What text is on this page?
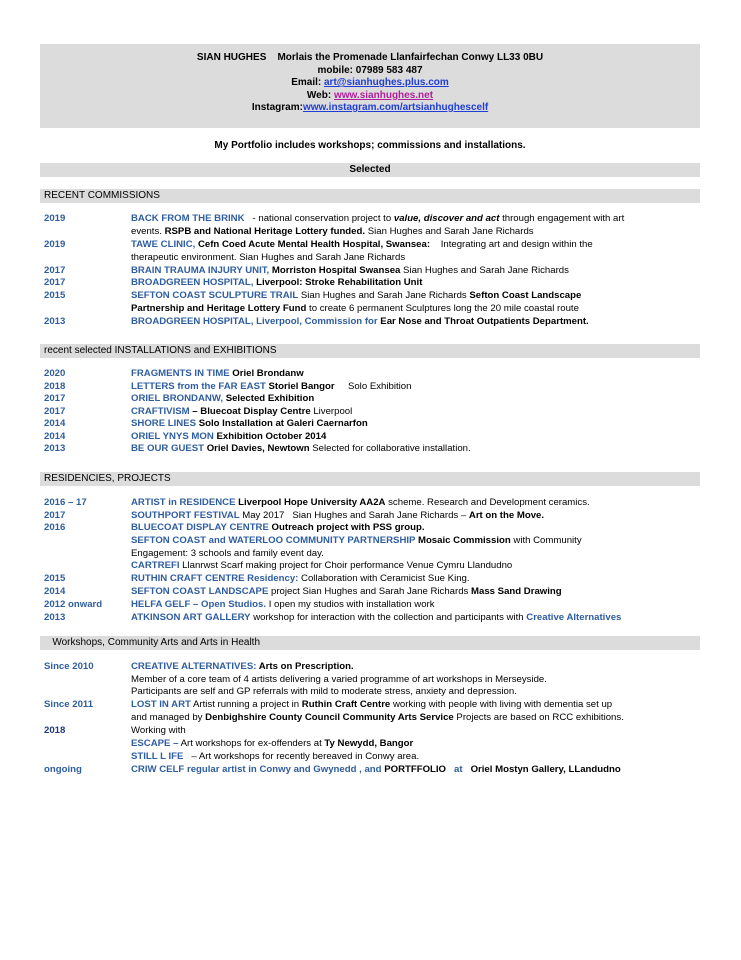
SIAN HUGHES    Morlais the Promenade Llanfairfechan Conwy LL33 0BU
mobile: 07989 583 487
Email: art@sianhughes.plus.com
Web: www.sianhughes.net
Instagram:www.instagram.com/artsianhughescelf
My Portfolio includes workshops; commissions and installations.
Selected
RECENT COMMISSIONS
2019	BACK FROM THE BRINK   - national conservation project to value, discover and act through engagement with art
events. RSPB and National Heritage Lottery funded. Sian Hughes and Sarah Jane Richards
2019	TAWE CLINIC, Cefn Coed Acute Mental Health Hospital, Swansea:    Integrating art and design within the
therapeutic environment. Sian Hughes and Sarah Jane Richards
2017	BRAIN TRAUMA INJURY UNIT, Morriston Hospital Swansea Sian Hughes and Sarah Jane Richards
2017	BROADGREEN HOSPITAL, Liverpool: Stroke Rehabilitation Unit
2015	SEFTON COAST SCULPTURE TRAIL Sian Hughes and Sarah Jane Richards Sefton Coast Landscape
Partnership and Heritage Lottery Fund to create 6 permanent Sculptures long the 20 mile coastal route
2013	BROADGREEN HOSPITAL, Liverpool, Commission for Ear Nose and Throat Outpatients Department.
recent selected INSTALLATIONS and EXHIBITIONS
2020	FRAGMENTS IN TIME Oriel Brondanw
2018	LETTERS from the FAR EAST Storiel Bangor     Solo Exhibition
2017	ORIEL BRONDANW, Selected Exhibition
2017	CRAFTIVISM – Bluecoat Display Centre Liverpool
2014	SHORE LINES Solo Installation at Galeri Caernarfon
2014	ORIEL YNYS MON Exhibition October 2014
2013	BE OUR GUEST Oriel Davies, Newtown Selected for collaborative installation.
RESIDENCIES, PROJECTS
2016 – 17	ARTIST in RESIDENCE Liverpool Hope University AA2A scheme. Research and Development ceramics.
2017	SOUTHPORT FESTIVAL May 2017   Sian Hughes and Sarah Jane Richards – Art on the Move.
2016	BLUECOAT DISPLAY CENTRE Outreach project with PSS group.
SEFTON COAST and WATERLOO COMMUNITY PARTNERSHIP Mosaic Commission with Community
Engagement: 3 schools and family event day.
CARTREFI Llanrwst Scarf making project for Choir performance Venue Cymru Llandudno
2015	RUTHIN CRAFT CENTRE Residency: Collaboration with Ceramicist Sue King.
2014	SEFTON COAST LANDSCAPE project Sian Hughes and Sarah Jane Richards Mass Sand Drawing
2012 onward	HELFA GELF – Open Studios. I open my studios with installation work
2013	ATKINSON ART GALLERY workshop for interaction with the collection and participants with Creative Alternatives
Workshops, Community Arts and Arts in Health
Since 2010	CREATIVE ALTERNATIVES: Arts on Prescription.
Member of a core team of 4 artists delivering a varied programme of art workshops in Merseyside.
Participants are self and GP referrals with mild to moderate stress, anxiety and depression.
Since 2011	LOST IN ART Artist running a project in Ruthin Craft Centre working with people with living with dementia set up
and managed by Denbighshire County Council Community Arts Service Projects are based on RCC exhibitions.
2018	Working with
ESCAPE – Art workshops for ex-offenders at Ty Newydd, Bangor
STILL L IFE   – Art workshops for recently bereaved in Conwy area.
ongoing	CRIW CELF regular artist in Conwy and Gwynedd , and PORTFFOLIO   at   Oriel Mostyn Gallery, LLandudno
